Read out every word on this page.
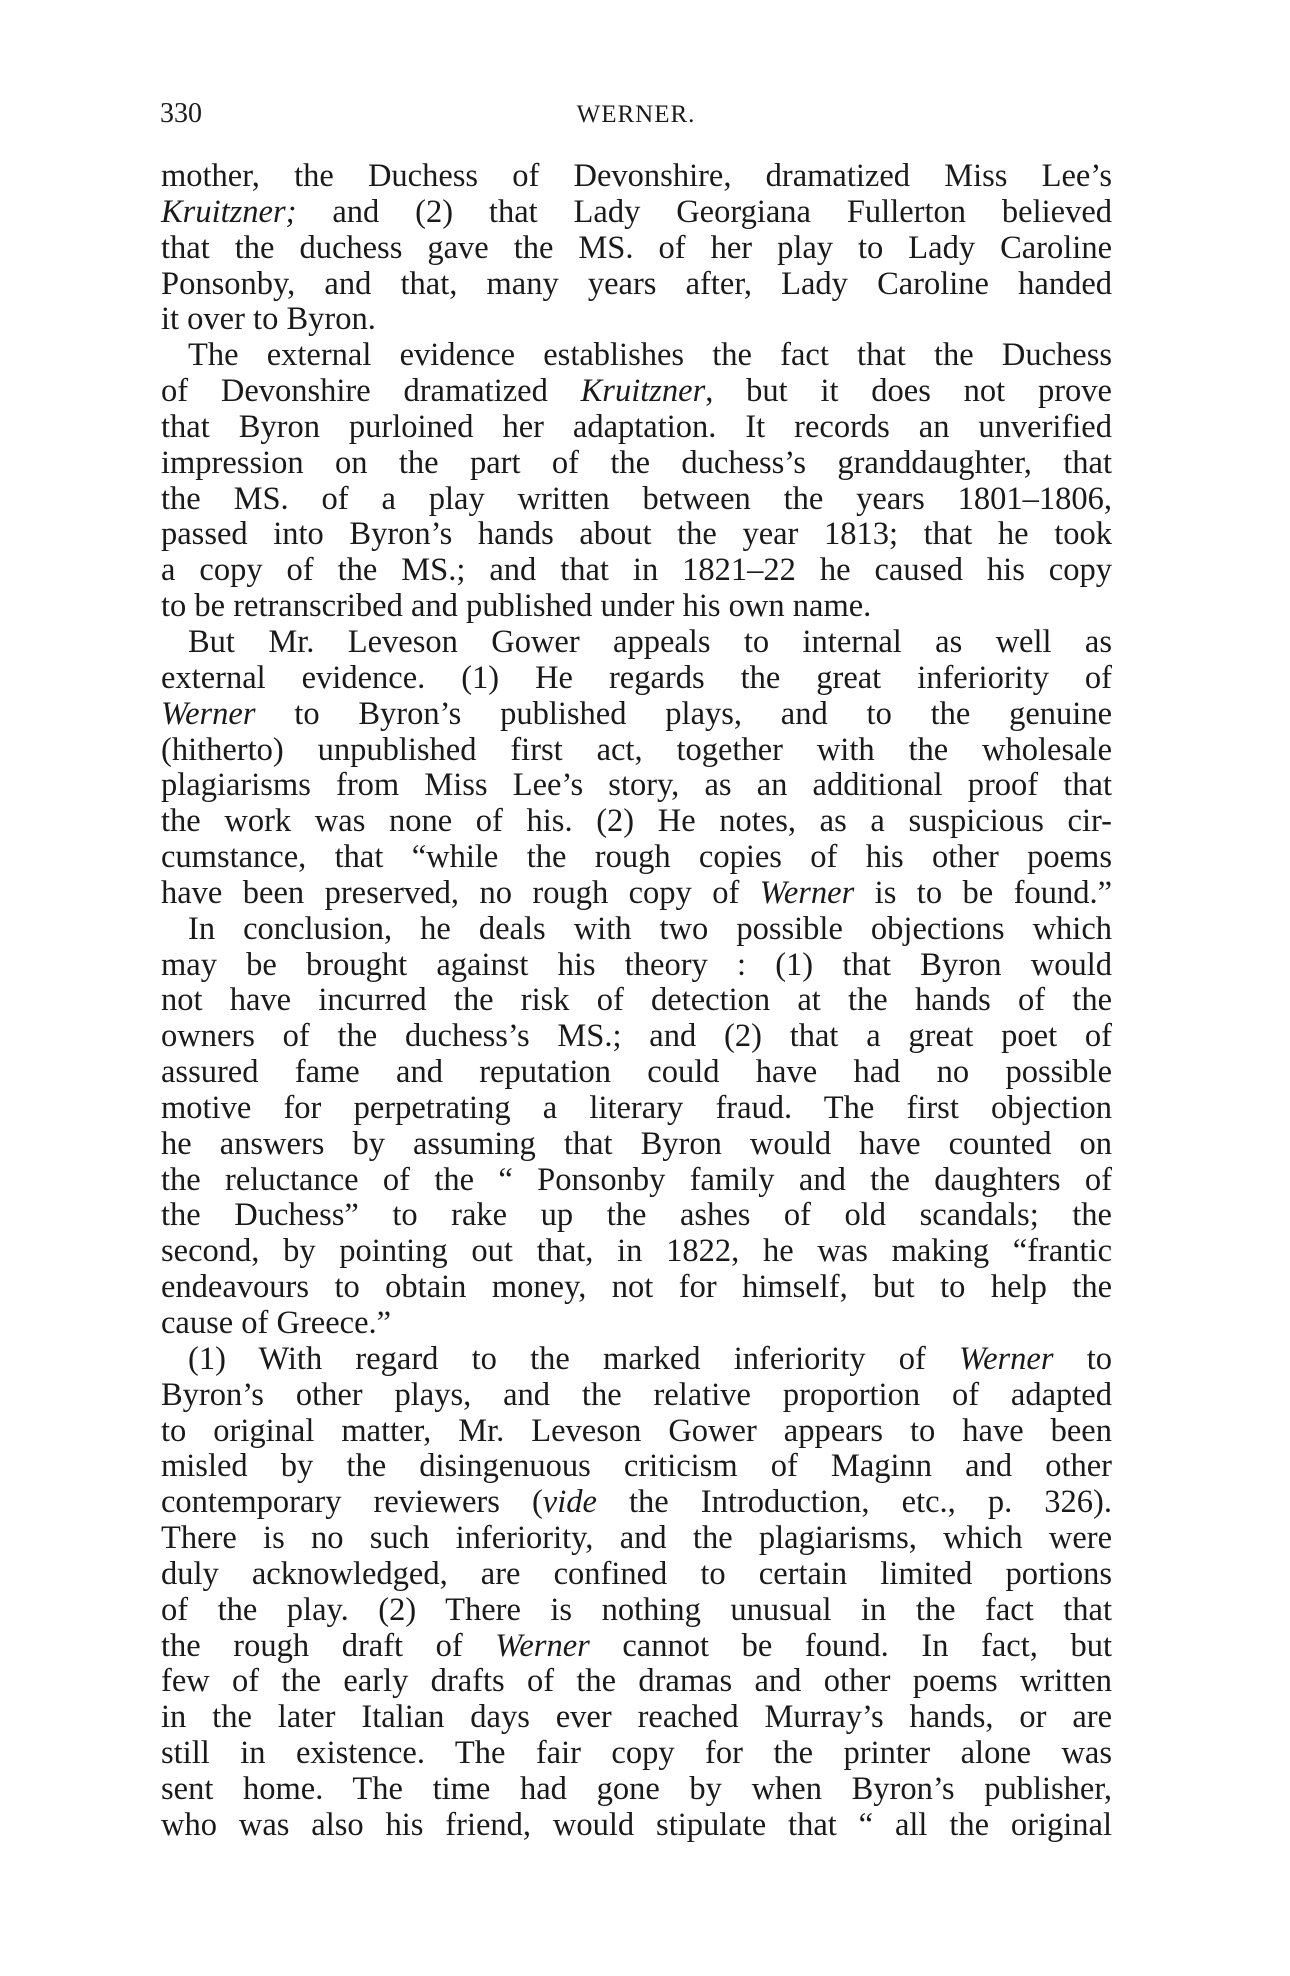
330	WERNER.
mother, the Duchess of Devonshire, dramatized Miss Lee’s
Kruitzner; and (2) that Lady Georgiana Fullerton believed
that the duchess gave the MS. of her play to Lady Caroline
Ponsonby, and that, many years after, Lady Caroline handed
it over to Byron.
The external evidence establishes the fact that the Duchess
of Devonshire dramatized Kruitzner, but it does not prove
that Byron purloined her adaptation. It records an unverified
impression on the part of the duchess’s granddaughter, that
the MS. of a play written between the years 1801–1806,
passed into Byron’s hands about the year 1813; that he took
a copy of the MS.; and that in 1821–22 he caused his copy
to be retranscribed and published under his own name.
But Mr. Leveson Gower appeals to internal as well as
external evidence. (1) He regards the great inferiority of
Werner to Byron’s published plays, and to the genuine
(hitherto) unpublished first act, together with the wholesale
plagiarisms from Miss Lee’s story, as an additional proof that
the work was none of his. (2) He notes, as a suspicious cir-
cumstance, that “while the rough copies of his other poems
have been preserved, no rough copy of Werner is to be found.”
In conclusion, he deals with two possible objections which
may be brought against his theory : (1) that Byron would
not have incurred the risk of detection at the hands of the
owners of the duchess’s MS.; and (2) that a great poet of
assured fame and reputation could have had no possible
motive for perpetrating a literary fraud. The first objection
he answers by assuming that Byron would have counted on
the reluctance of the “ Ponsonby family and the daughters of
the Duchess” to rake up the ashes of old scandals; the
second, by pointing out that, in 1822, he was making “frantic
endeavours to obtain money, not for himself, but to help the
cause of Greece.”
(1) With regard to the marked inferiority of Werner to
Byron’s other plays, and the relative proportion of adapted
to original matter, Mr. Leveson Gower appears to have been
misled by the disingenuous criticism of Maginn and other
contemporary reviewers (vide the Introduction, etc., p. 326).
There is no such inferiority, and the plagiarisms, which were
duly acknowledged, are confined to certain limited portions
of the play. (2) There is nothing unusual in the fact that
the rough draft of Werner cannot be found. In fact, but
few of the early drafts of the dramas and other poems written
in the later Italian days ever reached Murray’s hands, or are
still in existence. The fair copy for the printer alone was
sent home. The time had gone by when Byron’s publisher,
who was also his friend, would stipulate that “ all the original
